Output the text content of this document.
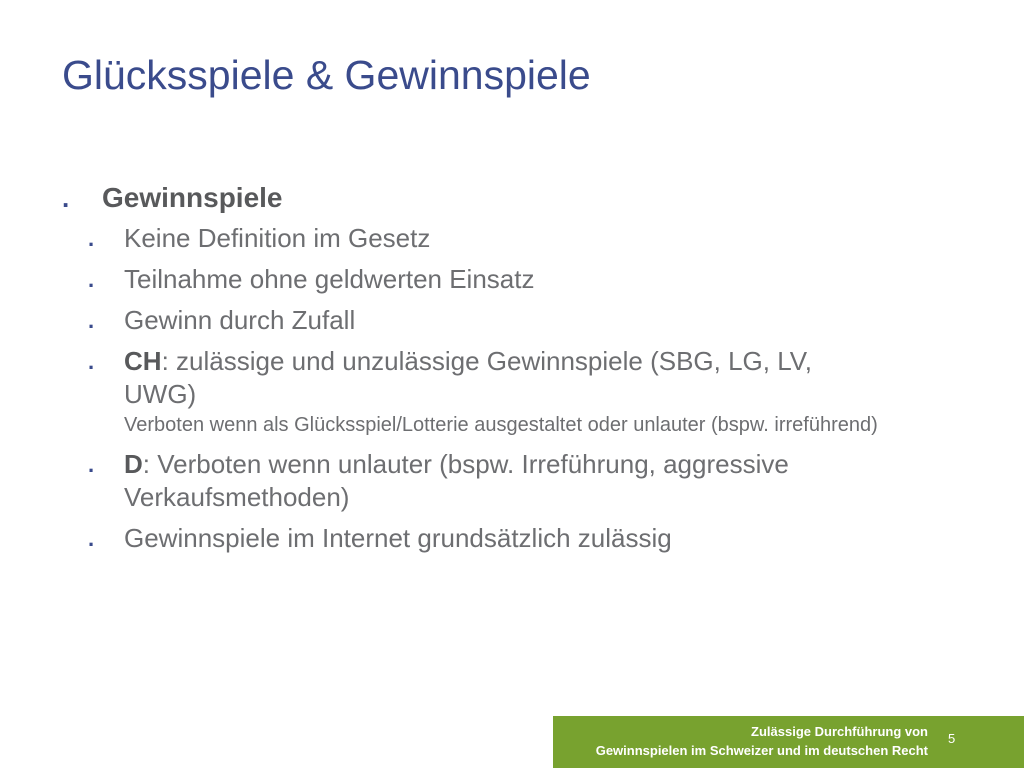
Glücksspiele & Gewinnspiele
.	Gewinnspiele
.	Keine Definition im Gesetz
.	Teilnahme ohne geldwerten Einsatz
.	Gewinn durch Zufall
.	CH: zulässige und unzulässige Gewinnspiele (SBG, LG, LV, UWG)
Verboten wenn als Glücksspiel/Lotterie ausgestaltet oder unlauter (bspw. irreführend)
.	D: Verboten wenn unlauter (bspw. Irreführung, aggressive Verkaufsmethoden)
.	Gewinnspiele im Internet grundsätzlich zulässig
Zulässige Durchführung von
Gewinnspielen im Schweizer und im deutschen Recht
5
